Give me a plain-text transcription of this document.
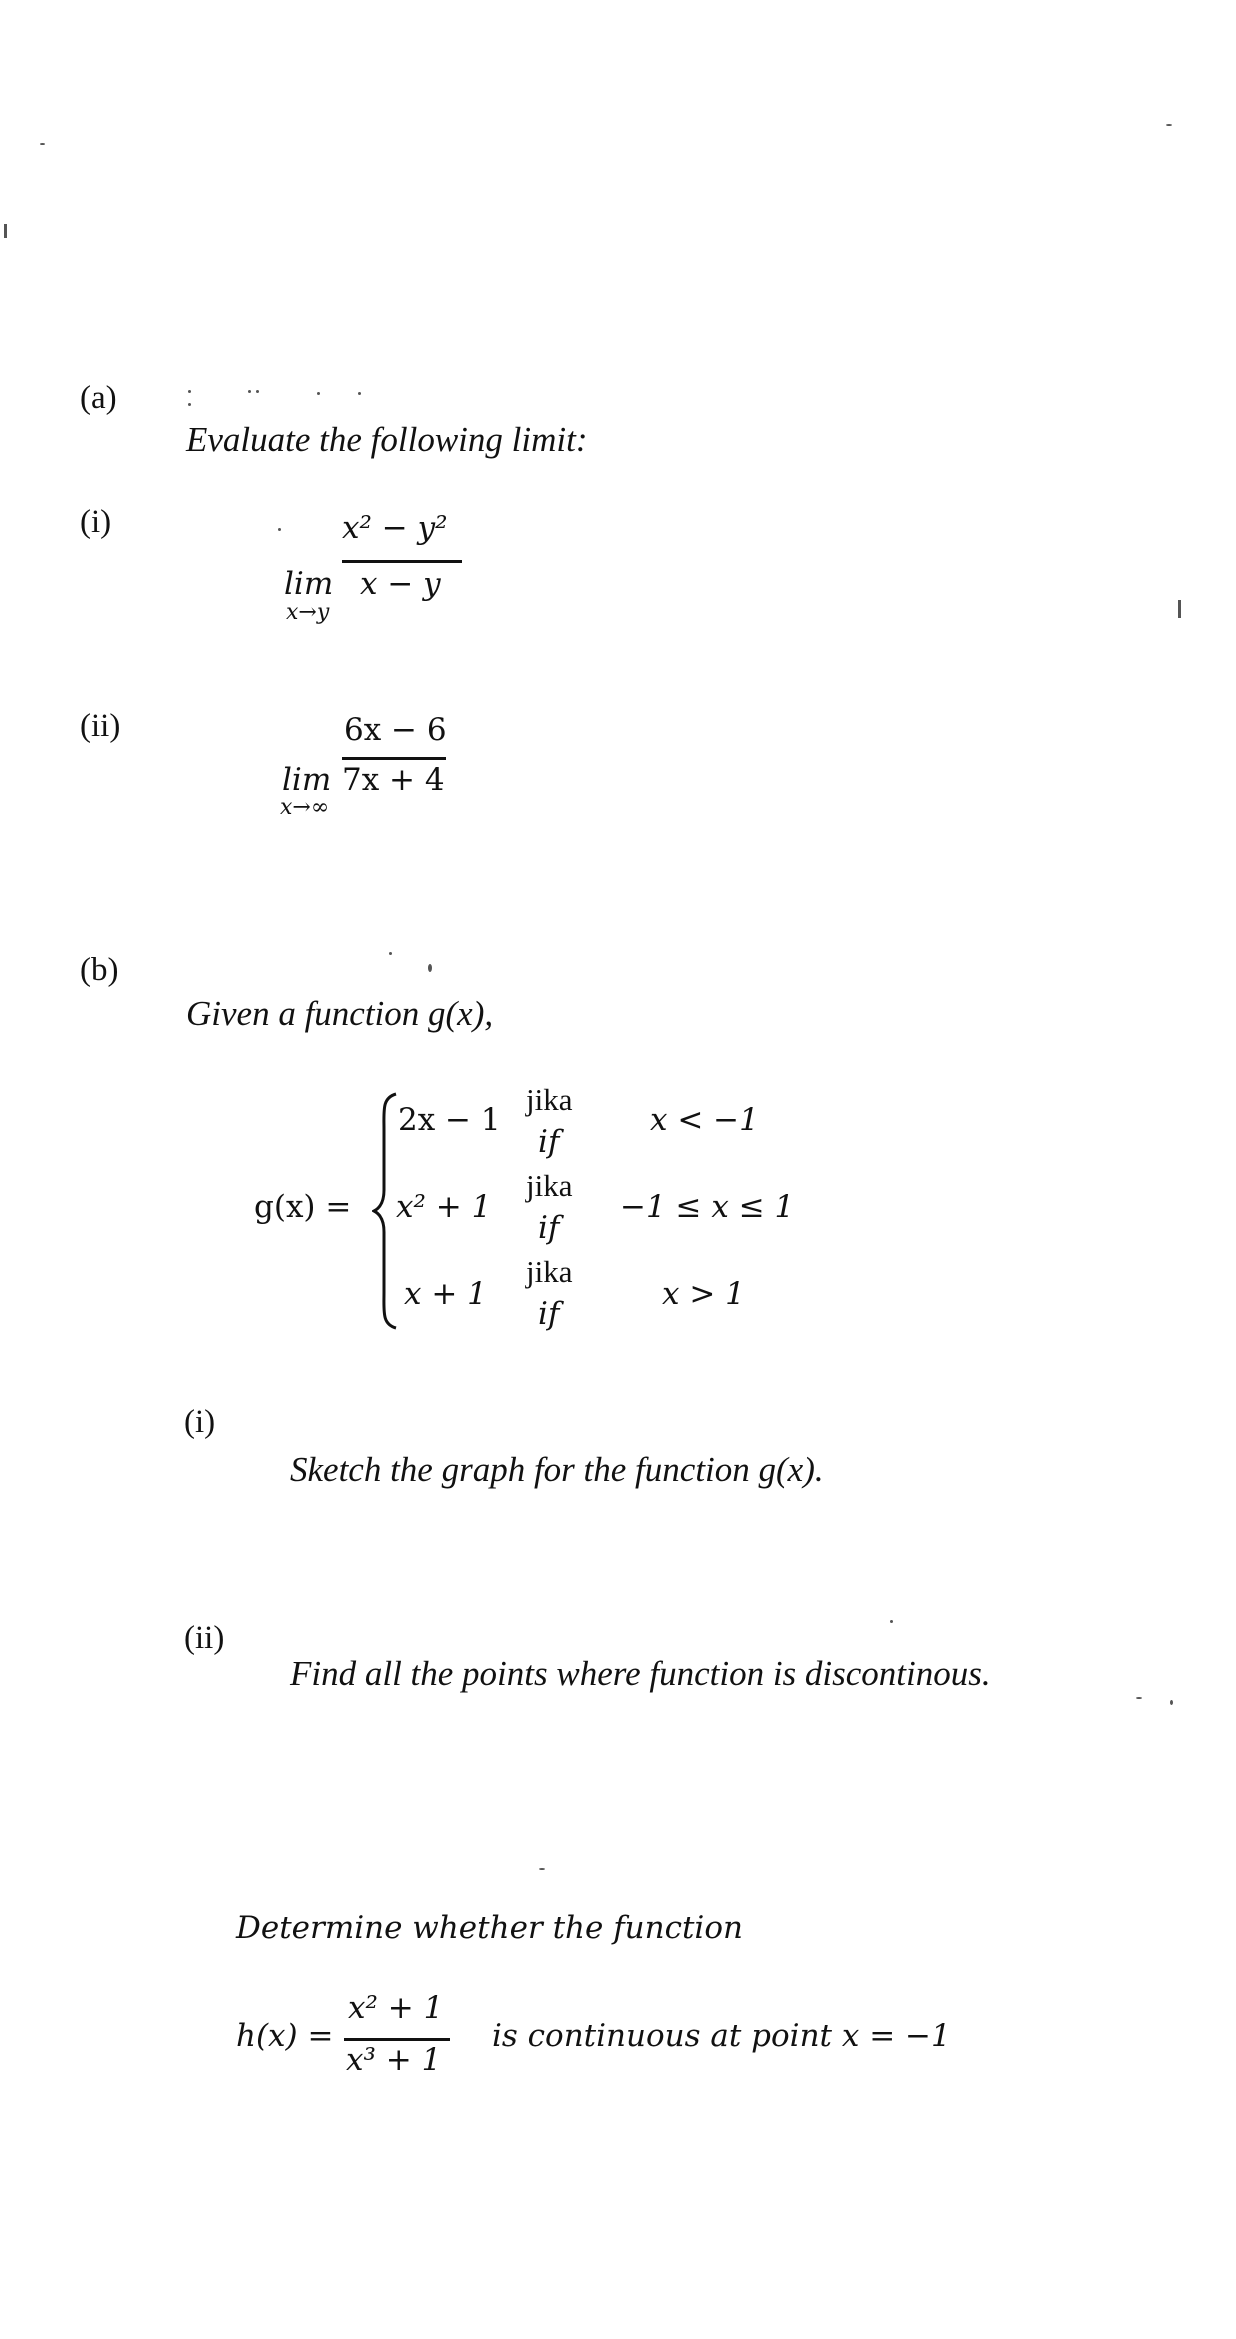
(a)
Evaluate the following limit:
(i)	x² − y²
lim x − y
x→y
(ii)	6x − 6
lim 7x + 4
x→∞
(b)
Given a function g(x),
g(x) =
2x − 1
jika
if
x < −1
x² + 1
jika
if
−1 ≤ x ≤ 1
x + 1
jika
if
x > 1
(i)
Sketch the graph for the function g(x).
(ii)
Find all the points where function is discontinous.
Determine whether the function
h(x) =
x² + 1
x³ + 1
is continuous at point x = −1
